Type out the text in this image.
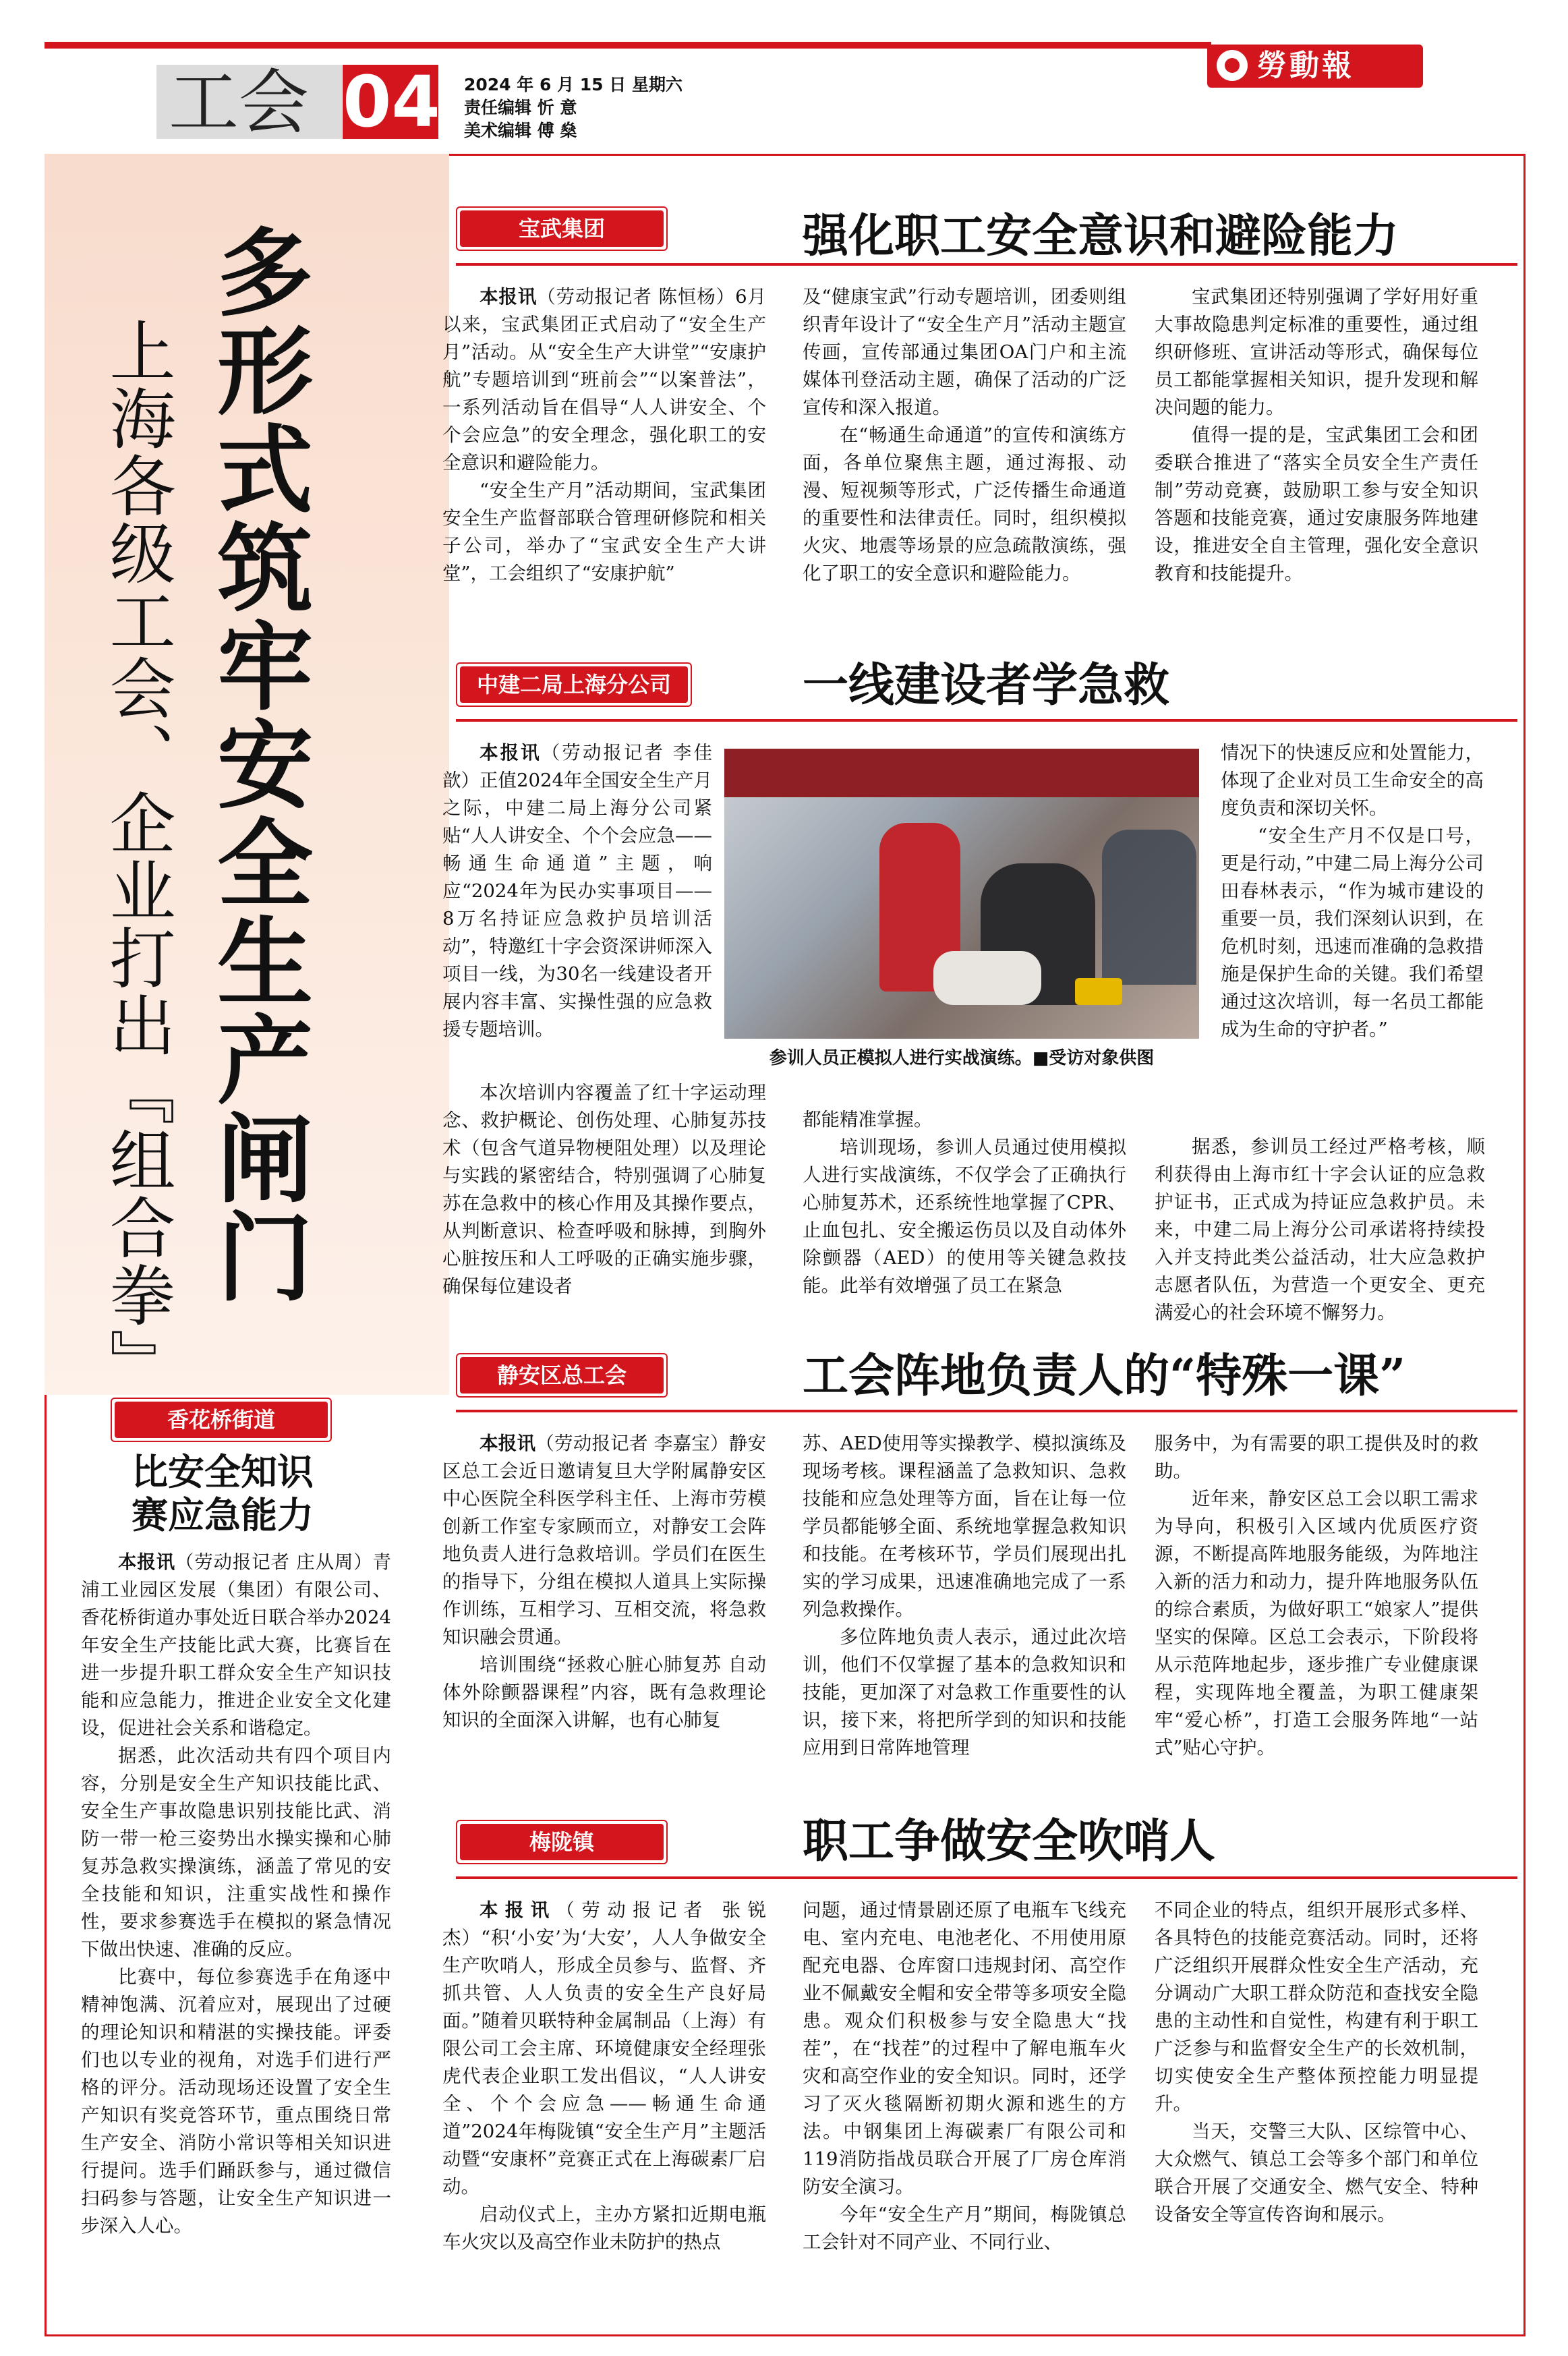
工会 04 2024 年 6 月 15 日 星期六
责任编辑 忻 意
美术编辑 傅 燊
勞動報
多形式筑牢安全生产闸门
上海各级工会、企业打出『组合拳』
宝武集团	强化职工安全意识和避险能力

本报讯（劳动报记者 陈恒杨）6月以来，宝武集团正式启动了“安全生产月”活动。从“安全生产大讲堂”“安康护航”专题培训到“班前会”“以案普法”，一系列活动旨在倡导“人人讲安全、个个会应急”的安全理念，强化职工的安全意识和避险能力。

“安全生产月”活动期间，宝武集团安全生产监督部联合管理研修院和相关子公司，举办了“宝武安全生产大讲堂”，工会组织了“安康护航”

及“健康宝武”行动专题培训，团委则组织青年设计了“安全生产月”活动主题宣传画，宣传部通过集团OA门户和主流媒体刊登活动主题，确保了活动的广泛宣传和深入报道。

在“畅通生命通道”的宣传和演练方面，各单位聚焦主题，通过海报、动漫、短视频等形式，广泛传播生命通道的重要性和法律责任。同时，组织模拟火灾、地震等场景的应急疏散演练，强化了职工的安全意识和避险能力。

宝武集团还特别强调了学好用好重大事故隐患判定标准的重要性，通过组织研修班、宣讲活动等形式，确保每位员工都能掌握相关知识，提升发现和解决问题的能力。

值得一提的是，宝武集团工会和团委联合推进了“落实全员安全生产责任制”劳动竞赛，鼓励职工参与安全知识答题和技能竞赛，通过安康服务阵地建设，推进安全自主管理，强化安全意识教育和技能提升。

中建二局上海分公司	一线建设者学急救

本报讯（劳动报记者 李佳歆）正值2024年全国安全生产月之际，中建二局上海分公司紧贴“人人讲安全、个个会应急——畅通生命通道”主题，响应“2024年为民办实事项目——8万名持证应急救护员培训活动”，特邀红十字会资深讲师深入项目一线，为30名一线建设者开展内容丰富、实操性强的应急救援专题培训。

本次培训内容覆盖了红十字运动理念、救护概论、创伤处理、心肺复苏技术（包含气道异物梗阻处理）以及理论与实践的紧密结合，特别强调了心肺复苏在急救中的核心作用及其操作要点，从判断意识、检查呼吸和脉搏，到胸外心脏按压和人工呼吸的正确实施步骤，确保每位建设者

参训人员正模拟人进行实战演练。■受访对象供图

都能精准掌握。

培训现场，参训人员通过使用模拟人进行实战演练，不仅学会了正确执行心肺复苏术，还系统性地掌握了CPR、止血包扎、安全搬运伤员以及自动体外除颤器（AED）的使用等关键急救技能。此举有效增强了员工在紧急

情况下的快速反应和处置能力，体现了企业对员工生命安全的高度负责和深切关怀。

“安全生产月不仅是口号，更是行动，”中建二局上海分公司田春林表示，“作为城市建设的重要一员，我们深刻认识到，在危机时刻，迅速而准确的急救措施是保护生命的关键。我们希望通过这次培训，每一名员工都能成为生命的守护者。”

据悉，参训员工经过严格考核，顺利获得由上海市红十字会认证的应急救护证书，正式成为持证应急救护员。未来，中建二局上海分公司承诺将持续投入并支持此类公益活动，壮大应急救护志愿者队伍，为营造一个更安全、更充满爱心的社会环境不懈努力。

静安区总工会	工会阵地负责人的“特殊一课”

本报讯（劳动报记者 李嘉宝）静安区总工会近日邀请复旦大学附属静安区中心医院全科医学科主任、上海市劳模创新工作室专家顾而立，对静安工会阵地负责人进行急救培训。学员们在医生的指导下，分组在模拟人道具上实际操作训练，互相学习、互相交流，将急救知识融会贯通。

培训围绕“拯救心脏心肺复苏 自动体外除颤器课程”内容，既有急救理论知识的全面深入讲解，也有心肺复

苏、AED使用等实操教学、模拟演练及现场考核。课程涵盖了急救知识、急救技能和应急处理等方面，旨在让每一位学员都能够全面、系统地掌握急救知识和技能。在考核环节，学员们展现出扎实的学习成果，迅速准确地完成了一系列急救操作。

多位阵地负责人表示，通过此次培训，他们不仅掌握了基本的急救知识和技能，更加深了对急救工作重要性的认识，接下来，将把所学到的知识和技能应用到日常阵地管理

服务中，为有需要的职工提供及时的救助。

近年来，静安区总工会以职工需求为导向，积极引入区域内优质医疗资源，不断提高阵地服务能级，为阵地注入新的活力和动力，提升阵地服务队伍的综合素质，为做好职工“娘家人”提供坚实的保障。区总工会表示，下阶段将从示范阵地起步，逐步推广专业健康课程，实现阵地全覆盖，为职工健康架牢“爱心桥”，打造工会服务阵地“一站式”贴心守护。

梅陇镇	职工争做安全吹哨人

本报讯（劳动报记者 张锐杰）“积‘小安’为‘大安’，人人争做安全生产吹哨人，形成全员参与、监督、齐抓共管、人人负责的安全生产良好局面。”随着贝联特种金属制品（上海）有限公司工会主席、环境健康安全经理张虎代表企业职工发出倡议，“人人讲安全、个个会应急——畅通生命通道”2024年梅陇镇“安全生产月”主题活动暨“安康杯”竞赛正式在上海碳素厂启动。

启动仪式上，主办方紧扣近期电瓶车火灾以及高空作业未防护的热点

问题，通过情景剧还原了电瓶车飞线充电、室内充电、电池老化、不用使用原配充电器、仓库窗口违规封闭、高空作业不佩戴安全帽和安全带等多项安全隐患。观众们积极参与安全隐患大“找茬”，在“找茬”的过程中了解电瓶车火灾和高空作业的安全知识。同时，还学习了灭火毯隔断初期火源和逃生的方法。中钢集团上海碳素厂有限公司和119消防指战员联合开展了厂房仓库消防安全演习。

今年“安全生产月”期间，梅陇镇总工会针对不同产业、不同行业、

不同企业的特点，组织开展形式多样、各具特色的技能竞赛活动。同时，还将广泛组织开展群众性安全生产活动，充分调动广大职工群众防范和查找安全隐患的主动性和自觉性，构建有利于职工广泛参与和监督安全生产的长效机制，切实使安全生产整体预控能力明显提升。

当天，交警三大队、区综管中心、大众燃气、镇总工会等多个部门和单位联合开展了交通安全、燃气安全、特种设备安全等宣传咨询和展示。

香花桥街道
比安全知识
赛应急能力

本报讯（劳动报记者 庄从周）青浦工业园区发展（集团）有限公司、香花桥街道办事处近日联合举办2024年安全生产技能比武大赛，比赛旨在进一步提升职工群众安全生产知识技能和应急能力，推进企业安全文化建设，促进社会关系和谐稳定。

据悉，此次活动共有四个项目内容，分别是安全生产知识技能比武、安全生产事故隐患识别技能比武、消防一带一枪三姿势出水操实操和心肺复苏急救实操演练，涵盖了常见的安全技能和知识，注重实战性和操作性，要求参赛选手在模拟的紧急情况下做出快速、准确的反应。

比赛中，每位参赛选手在角逐中精神饱满、沉着应对，展现出了过硬的理论知识和精湛的实操技能。评委们也以专业的视角，对选手们进行严格的评分。活动现场还设置了安全生产知识有奖竞答环节，重点围绕日常生产安全、消防小常识等相关知识进行提问。选手们踊跃参与，通过微信扫码参与答题，让安全生产知识进一步深入人心。
